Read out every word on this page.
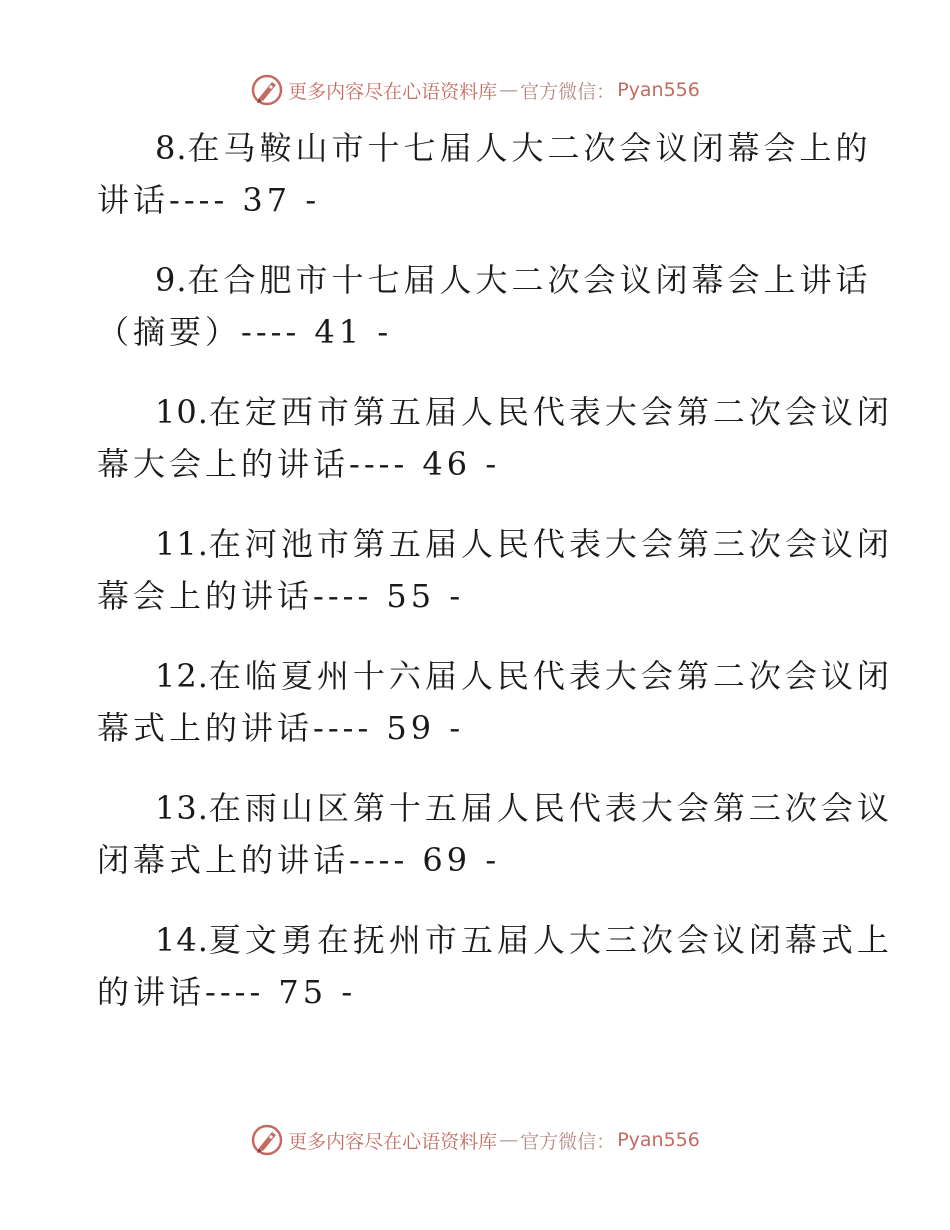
更多内容尽在心语资料库 — 官方微信： Pyan556
8.在马鞍山市十七届人大二次会议闭幕会上的
讲话---- 37 -
9.在合肥市十七届人大二次会议闭幕会上讲话
（摘要）---- 41 -
10.在定西市第五届人民代表大会第二次会议闭
幕大会上的讲话---- 46 -
11.在河池市第五届人民代表大会第三次会议闭
幕会上的讲话---- 55 -
12.在临夏州十六届人民代表大会第二次会议闭
幕式上的讲话---- 59 -
13.在雨山区第十五届人民代表大会第三次会议
闭幕式上的讲话---- 69 -
14.夏文勇在抚州市五届人大三次会议闭幕式上
的讲话---- 75 -
更多内容尽在心语资料库 — 官方微信： Pyan556
